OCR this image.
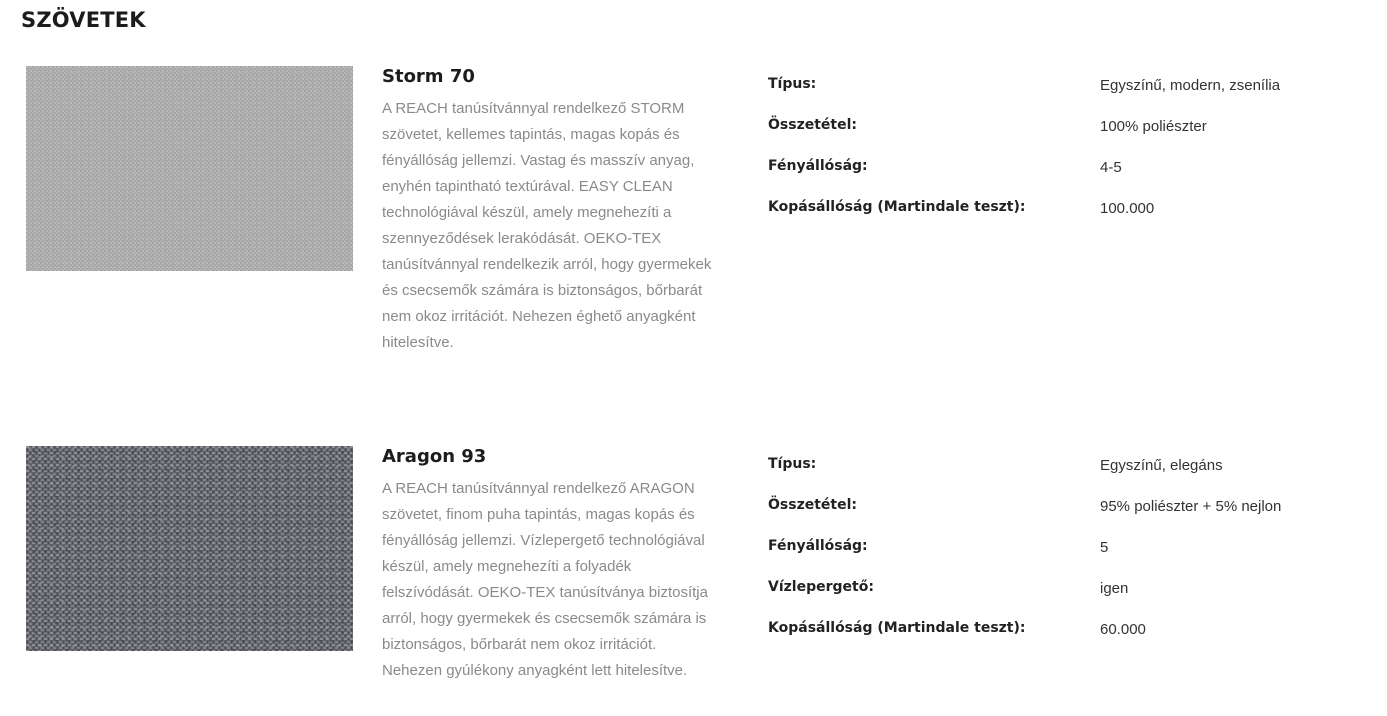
SZÖVETEK
Storm 70

A REACH tanúsítvánnyal rendelkező STORM szövetet, kellemes tapintás, magas kopás és fényállóság jellemzi. Vastag és masszív anyag, enyhén tapintható textúrával. EASY CLEAN technológiával készül, amely megnehezíti a szennyeződések lerakódását. OEKO-TEX tanúsítvánnyal rendelkezik arról, hogy gyermekek és csecsemők számára is biztonságos, bőrbarát nem okoz irritációt. Nehezen éghető anyagként hitelesítve.

Típus:	Egyszínű, modern, zsenília
Összetétel:	100% poliészter
Fényállóság:	4-5
Kopásállóság (Martindale teszt):	100.000
Aragon 93

A REACH tanúsítvánnyal rendelkező ARAGON szövetet, finom puha tapintás, magas kopás és fényállóság jellemzi. Vízlepergető technológiával készül, amely megnehezíti a folyadék felszívódását. OEKO-TEX tanúsítványa biztosítja arról, hogy gyermekek és csecsemők számára is biztonságos, bőrbarát nem okoz irritációt. Nehezen gyúlékony anyagként lett hitelesítve.

Típus:	Egyszínű, elegáns
Összetétel:	95% poliészter + 5% nejlon
Fényállóság:	5
Vízlepergető:	igen
Kopásállóság (Martindale teszt):	60.000
